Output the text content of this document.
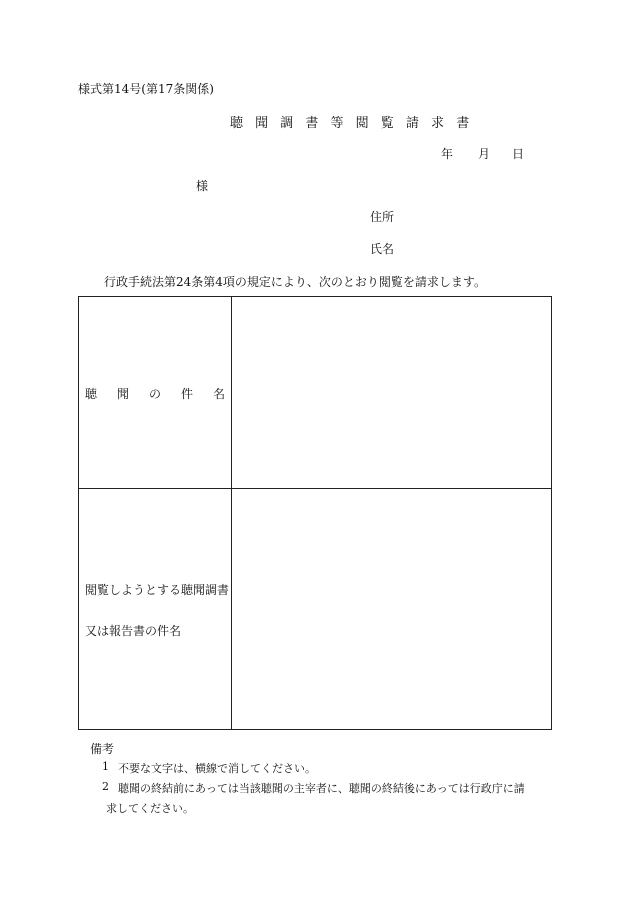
様式第14号(第17条関係)
聴 聞 調 書 等 閲 覧 請 求 書
年 月 日
様
住所
氏名
行政手続法第24条第4項の規定により、次のとおり閲覧を請求します。
聴 聞 の 件 名
閲覧しようとする聴聞調書
又は報告書の件名
備考
1 不要な文字は、横線で消してください。
2 聴聞の終結前にあっては当該聴聞の主宰者に、聴聞の終結後にあっては行政庁に請
求してください。
